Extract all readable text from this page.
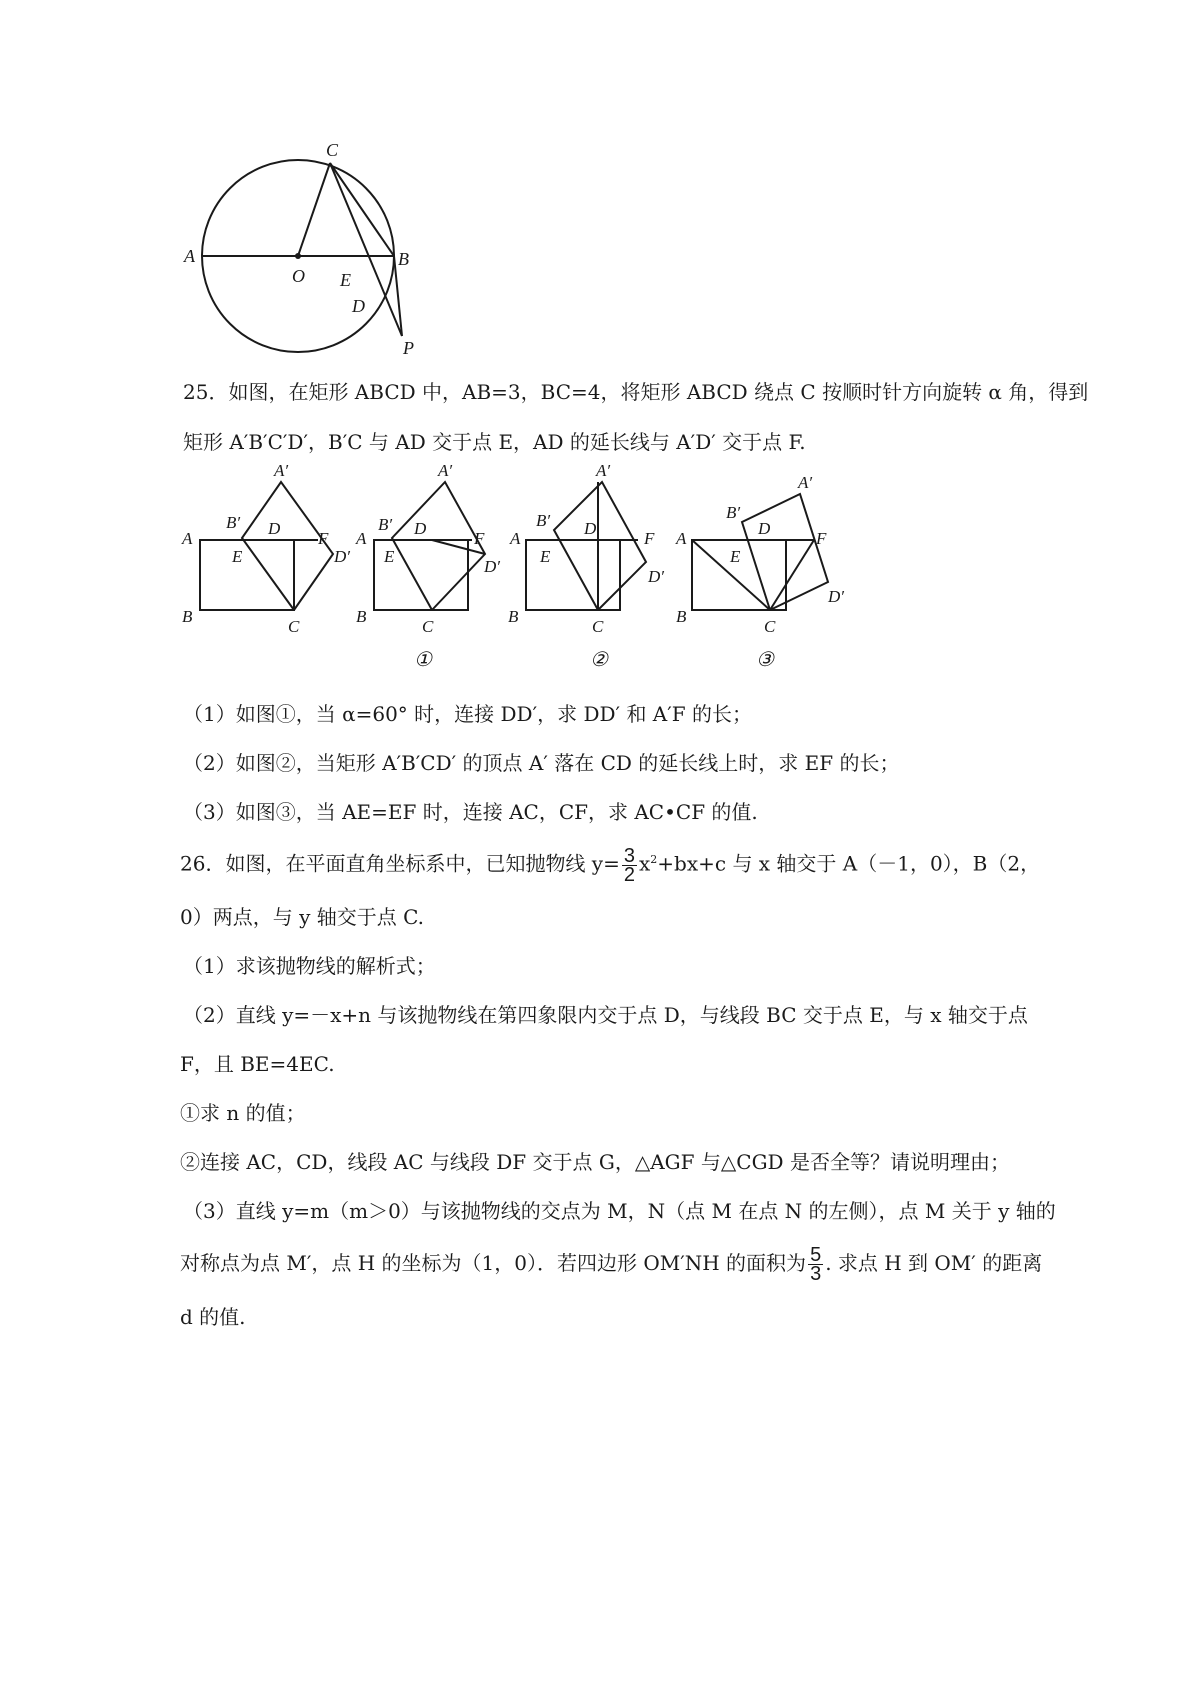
A
O
B
C
E
D
P
25．如图，在矩形 ABCD 中，AB=3，BC=4，将矩形 ABCD 绕点 C 按顺时针方向旋转 α 角，得到
矩形 A′B′C′D′，B′C 与 AD 交于点 E，AD 的延长线与 A′D′ 交于点 F.
A
B
C
D
E
F
A′
B′
D′
A
B
C
D
E
F
A′
B′
D′
①
A
B
C
D
E
F
A′
B′
D′
②
A
B
C
D
E
F
A′
B′
D′
③
（1）如图①，当 α=60° 时，连接 DD′，求 DD′ 和 A′F 的长；
（2）如图②，当矩形 A′B′CD′ 的顶点 A′ 落在 CD 的延长线上时，求 EF 的长；
（3）如图③，当 AE=EF 时，连接 AC，CF，求 AC•CF 的值.
26．如图，在平面直角坐标系中，已知抛物线 $y= \frac{3}{2} x^2+bx+c$ 与 x 轴交于 A（－1，0），B（2，
0）两点，与 y 轴交于点 C.
（1）求该抛物线的解析式；
（2）直线 y=－x+n 与该抛物线在第四象限内交于点 D，与线段 BC 交于点 E，与 x 轴交于点
F，且 BE=4EC.
①求 n 的值；
②连接 AC，CD，线段 AC 与线段 DF 交于点 G，△AGF 与△CGD 是否全等？请说明理由；
（3）直线 y=m（m＞0）与该抛物线的交点为 M，N（点 M 在点 N 的左侧），点 M 关于 y 轴的
对称点为点 M′，点 H 的坐标为（1，0）．若四边形 OM′NH 的面积为 $\frac{5}{3}$ . 求点 H 到 OM′ 的距离
d 的值.
